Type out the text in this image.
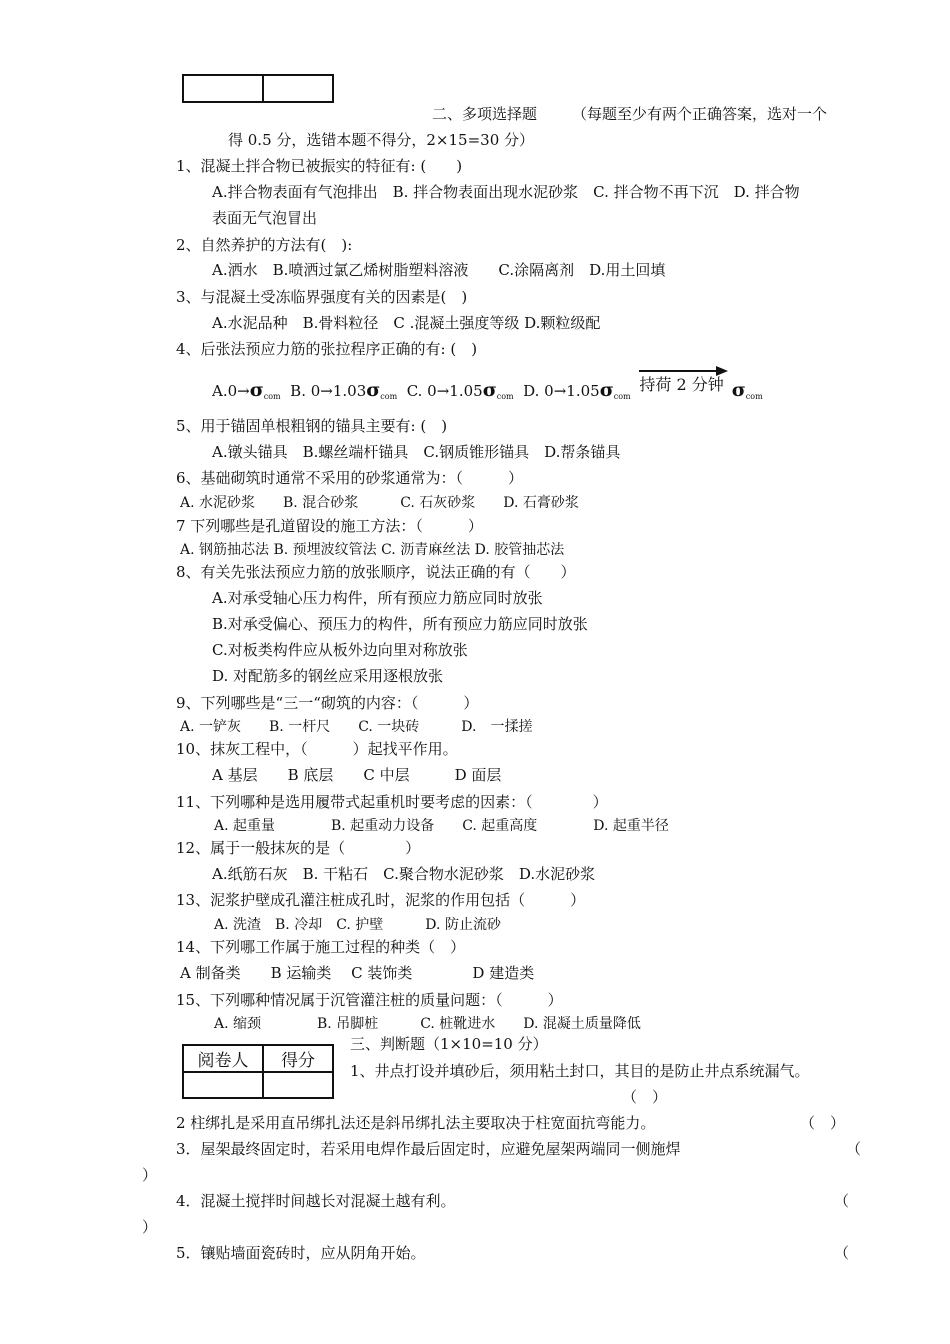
二、多项选择题 （每题至少有两个正确答案，选对一个
得 0.5 分，选错本题不得分，2×15=30 分）
1、混凝土拌合物已被振实的特征有: (　　)
A.拌合物表面有气泡排出　B. 拌合物表面出现水泥砂浆　C. 拌合物不再下沉　D. 拌合物
表面无气泡冒出
2、自然养护的方法有(　):
A.洒水　B.喷洒过氯乙烯树脂塑料溶液　　C.涂隔离剂　D.用土回填
3、与混凝土受冻临界强度有关的因素是(　)
A.水泥品种　B.骨料粒径　C .混凝土强度等级 D.颗粒级配
4、后张法预应力筋的张拉程序正确的有: (　)
$A.0\to\sigma_{com}$ B. $0\to 1.03\sigma_{com}$ C. $0\to 1.05\sigma_{com}$ D. $0\to 1.05\sigma_{com}$
持荷 2 分钟 $\sigma_{com}$
5、用于锚固单根粗钢的锚具主要有: (　)
A.镦头锚具　B.螺丝端杆锚具　C.钢质锥形锚具　D.帮条锚具
6、基础砌筑时通常不采用的砂浆通常为：（　　　）
A. 水泥砂浆　　B. 混合砂浆　　　C. 石灰砂浆　　D. 石膏砂浆
7 下列哪些是孔道留设的施工方法：（　　　）
A. 钢筋抽芯法 B. 预埋波纹管法 C. 沥青麻丝法 D. 胶管抽芯法
8、有关先张法预应力筋的放张顺序，说法正确的有（　　）
A.对承受轴心压力构件，所有预应力筋应同时放张
B.对承受偏心、预压力的构件，所有预应力筋应同时放张
C.对板类构件应从板外边向里对称放张
D. 对配筋多的钢丝应采用逐根放张
9、下列哪些是“三一“砌筑的内容：（　　　）
A. 一铲灰　　B. 一杆尺　　C. 一块砖　　　D.　一揉搓
10、抹灰工程中，（　　　）起找平作用。
A 基层　　B 底层　　C 中层　　　D 面层
11、下列哪种是选用履带式起重机时要考虑的因素：（　　　　）
A. 起重量　　　　B. 起重动力设备　　C. 起重高度　　　　D. 起重半径
12、属于一般抹灰的是（　　　　）
A.纸筋石灰　B. 干粘石　C.聚合物水泥砂浆　D.水泥砂浆
13、泥浆护壁成孔灌注桩成孔时，泥浆的作用包括（　　　）
A. 洗渣　B. 冷却　C. 护壁　　　D. 防止流砂
14、下列哪工作属于施工过程的种类（　）
A 制备类　　B 运输类　 C 装饰类　　　　D 建造类
15、下列哪种情况属于沉管灌注桩的质量问题：（　　　）
A. 缩颈　　　　B. 吊脚桩　　　C. 桩靴进水　　D. 混凝土质量降低
阅卷人	得分

三、判断题（1×10=10 分）
1、井点打设并填砂后，须用粘土封口，其目的是防止井点系统漏气。
（　）
2 柱绑扎是采用直吊绑扎法还是斜吊绑扎法主要取决于柱宽面抗弯能力。	（　）
3．屋架最终固定时，若采用电焊作最后固定时，应避免屋架两端同一侧施焊	（
）
4．混凝土搅拌时间越长对混凝土越有利。	（
）
5．镶贴墙面瓷砖时，应从阴角开始。	（
